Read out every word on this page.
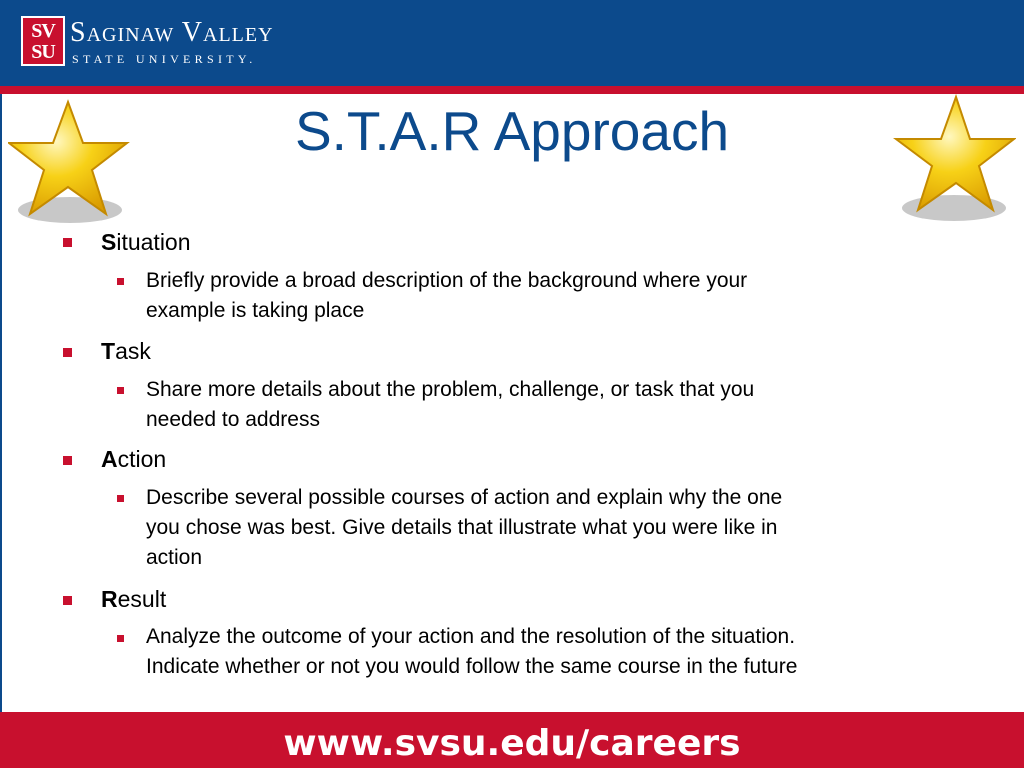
SV
SU
Saginaw Valley
STATE UNIVERSITY.
S.T.A.R Approach
Situation
Briefly provide a broad description of the background where your
example is taking place
Task
Share more details about the problem, challenge, or task that you
needed to address
Action
Describe several possible courses of action and explain why the one
you chose was best. Give details that illustrate what you were like in
action
Result
Analyze the outcome of your action and the resolution of the situation.
Indicate whether or not you would follow the same course in the future
www.svsu.edu/careers
